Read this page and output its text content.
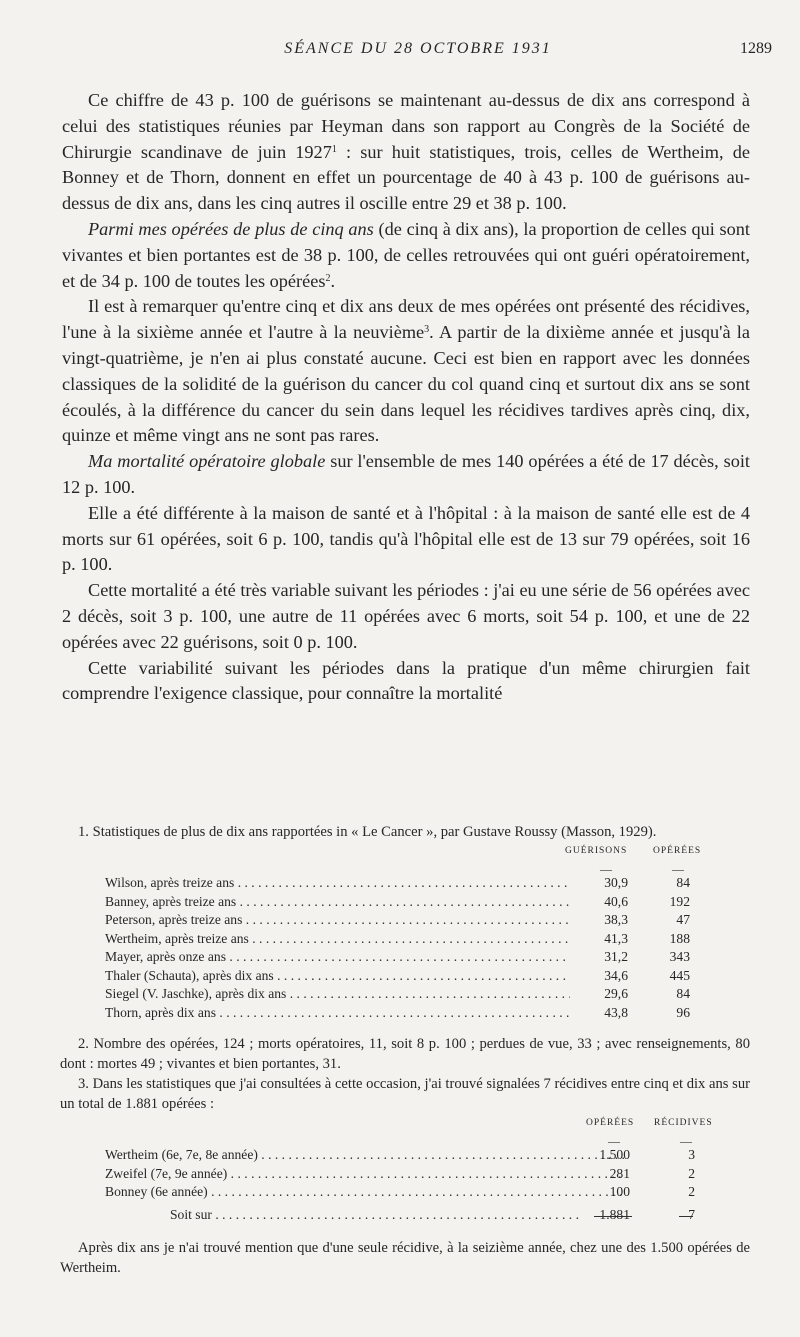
SÉANCE DU 28 OCTOBRE 1931	1289

Ce chiffre de 43 p. 100 de guérisons se maintenant au-dessus de dix ans correspond à celui des statistiques réunies par Heyman dans son rapport au Congrès de la Société de Chirurgie scandinave de juin 1927$^1$ : sur huit statistiques, trois, celles de Wertheim, de Bonney et de Thorn, donnent en effet un pourcentage de 40 à 43 p. 100 de guérisons au-dessus de dix ans, dans les cinq autres il oscille entre 29 et 38 p. 100.

Parmi mes opérées de plus de cinq ans (de cinq à dix ans), la proportion de celles qui sont vivantes et bien portantes est de 38 p. 100, de celles retrouvées qui ont guéri opératoirement, et de 34 p. 100 de toutes les opérées$^2$.

Il est à remarquer qu'entre cinq et dix ans deux de mes opérées ont présenté des récidives, l'une à la sixième année et l'autre à la neuvième$^3$. A partir de la dixième année et jusqu'à la vingt-quatrième, je n'en ai plus constaté aucune. Ceci est bien en rapport avec les données classiques de la solidité de la guérison du cancer du col quand cinq et surtout dix ans se sont écoulés, à la différence du cancer du sein dans lequel les récidives tardives après cinq, dix, quinze et même vingt ans ne sont pas rares.

Ma mortalité opératoire globale sur l'ensemble de mes 140 opérées a été de 17 décès, soit 12 p. 100.

Elle a été différente à la maison de santé et à l'hôpital : à la maison de santé elle est de 4 morts sur 61 opérées, soit 6 p. 100, tandis qu'à l'hôpital elle est de 13 sur 79 opérées, soit 16 p. 100.

Cette mortalité a été très variable suivant les périodes : j'ai eu une série de 56 opérées avec 2 décès, soit 3 p. 100, une autre de 11 opérées avec 6 morts, soit 54 p. 100, et une de 22 opérées avec 22 guérisons, soit 0 p. 100.

Cette variabilité suivant les périodes dans la pratique d'un même chirurgien fait comprendre l'exigence classique, pour connaître la mortalité

1. Statistiques de plus de dix ans rapportées in « Le Cancer », par Gustave Roussy (Masson, 1929).

GUÉRISONS	OPÉRÉES
—	—
Wilson, après treize ans . . .	30,9	84
Banney, après treize ans . . .	40,6	192
Peterson, après treize ans . . .	38,3	47
Wertheim, après treize ans . . .	41,3	188
Mayer, après onze ans . . .	31,2	343
Thaler (Schauta), après dix ans . . .	34,6	445
Siegel (V. Jaschke), après dix ans . . .	29,6	84
Thorn, après dix ans . . .	43,8	96

2. Nombre des opérées, 124 ; morts opératoires, 11, soit 8 p. 100 ; perdues de vue, 33 ; avec renseignements, 80 dont : mortes 49 ; vivantes et bien portantes, 31.

3. Dans les statistiques que j'ai consultées à cette occasion, j'ai trouvé signalées 7 récidives entre cinq et dix ans sur un total de 1.881 opérées :

OPÉRÉES RÉCIDIVES
—	—
Wertheim (6e, 7e, 8e année) . . .	1.500	3
Zweifel (7e, 9e année) . . .	281	2
Bonney (6e année) . . .	100	2
Soit sur . . .	1.881	7

Après dix ans je n'ai trouvé mention que d'une seule récidive, à la seizième année, chez une des 1.500 opérées de Wertheim.
